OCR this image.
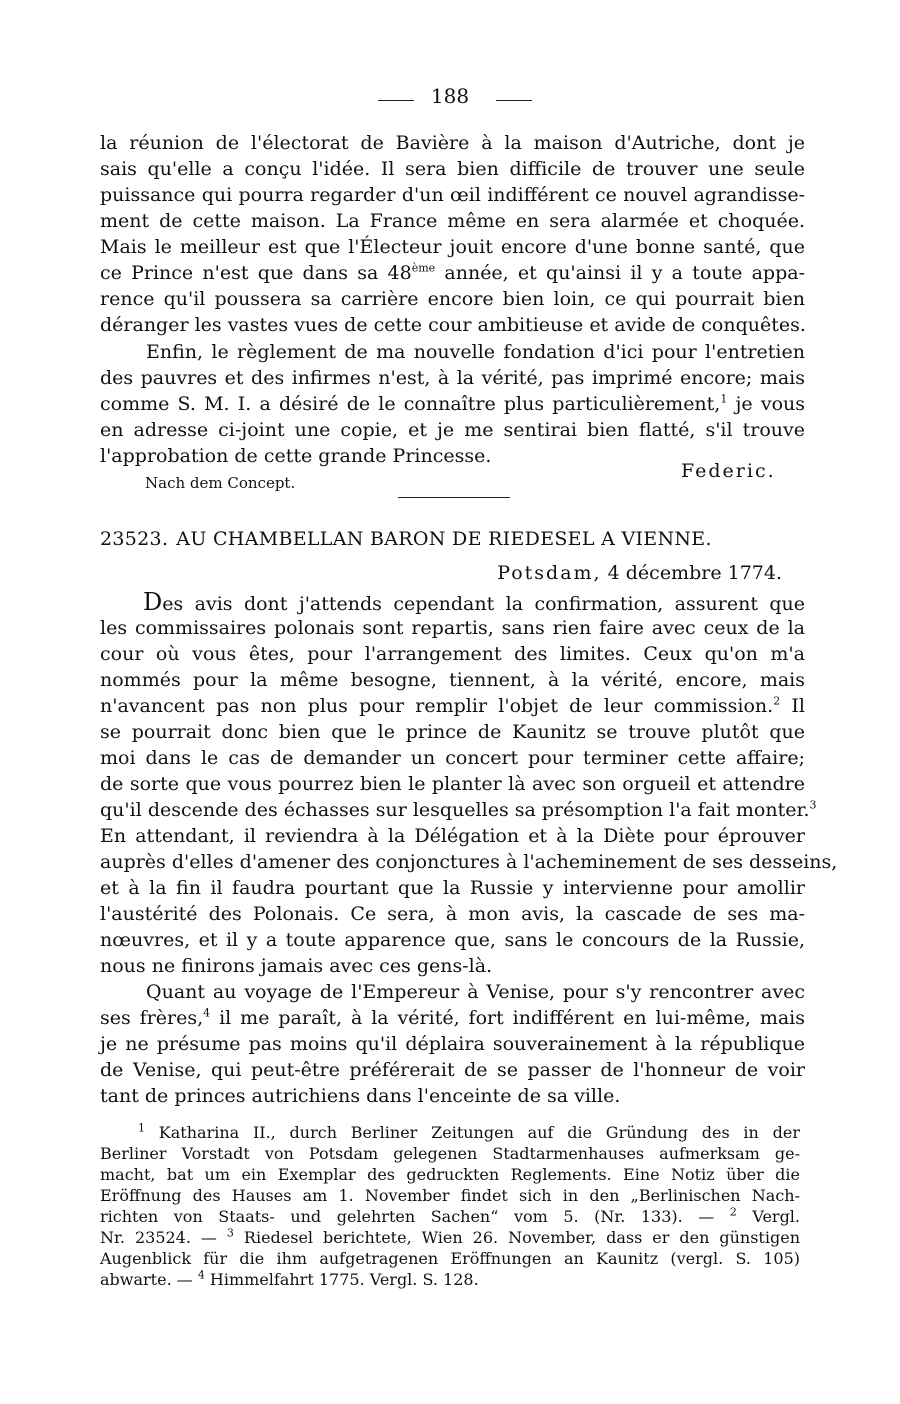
188
la réunion de l'électorat de Bavière à la maison d'Autriche, dont je
sais qu'elle a conçu l'idée. Il sera bien difficile de trouver une seule
puissance qui pourra regarder d'un œil indifférent ce nouvel agrandisse-
ment de cette maison. La France même en sera alarmée et choquée.
Mais le meilleur est que l'Électeur jouit encore d'une bonne santé, que
ce Prince n'est que dans sa 48ème année, et qu'ainsi il y a toute appa-
rence qu'il poussera sa carrière encore bien loin, ce qui pourrait bien
déranger les vastes vues de cette cour ambitieuse et avide de conquêtes.
Enfin, le règlement de ma nouvelle fondation d'ici pour l'entretien
des pauvres et des infirmes n'est, à la vérité, pas imprimé encore; mais
comme S. M. I. a désiré de le connaître plus particulièrement,$^1$ je vous
en adresse ci-joint une copie, et je me sentirai bien flatté, s'il trouve
l'approbation de cette grande Princesse.
Federic.
Nach dem Concept.
23523. AU CHAMBELLAN BARON DE RIEDESEL A VIENNE.
Potsdam, 4 décembre 1774.
Des avis dont j'attends cependant la confirmation, assurent que
les commissaires polonais sont repartis, sans rien faire avec ceux de la
cour où vous êtes, pour l'arrangement des limites. Ceux qu'on m'a
nommés pour la même besogne, tiennent, à la vérité, encore, mais
n'avancent pas non plus pour remplir l'objet de leur commission.$^2$ Il
se pourrait donc bien que le prince de Kaunitz se trouve plutôt que
moi dans le cas de demander un concert pour terminer cette affaire;
de sorte que vous pourrez bien le planter là avec son orgueil et attendre
qu'il descende des échasses sur lesquelles sa présomption l'a fait monter.$^3$
En attendant, il reviendra à la Délégation et à la Diète pour éprouver
auprès d'elles d'amener des conjonctures à l'acheminement de ses desseins,
et à la fin il faudra pourtant que la Russie y intervienne pour amollir
l'austérité des Polonais. Ce sera, à mon avis, la cascade de ses ma-
nœuvres, et il y a toute apparence que, sans le concours de la Russie,
nous ne finirons jamais avec ces gens-là.
Quant au voyage de l'Empereur à Venise, pour s'y rencontrer avec
ses frères,$^4$ il me paraît, à la vérité, fort indifférent en lui-même, mais
je ne présume pas moins qu'il déplaira souverainement à la république
de Venise, qui peut-être préférerait de se passer de l'honneur de voir
tant de princes autrichiens dans l'enceinte de sa ville.
$^1$ Katharina II., durch Berliner Zeitungen auf die Gründung des in der
Berliner Vorstadt von Potsdam gelegenen Stadtarmenhauses aufmerksam ge-
macht, bat um ein Exemplar des gedruckten Reglements. Eine Notiz über die
Eröffnung des Hauses am 1. November findet sich in den „Berlinischen Nach-
richten von Staats- und gelehrten Sachen“ vom 5. (Nr. 133). — $^2$ Vergl.
Nr. 23524. — $^3$ Riedesel berichtete, Wien 26. November, dass er den günstigen
Augenblick für die ihm aufgetragenen Eröffnungen an Kaunitz (vergl. S. 105)
abwarte. — $^4$ Himmelfahrt 1775. Vergl. S. 128.
